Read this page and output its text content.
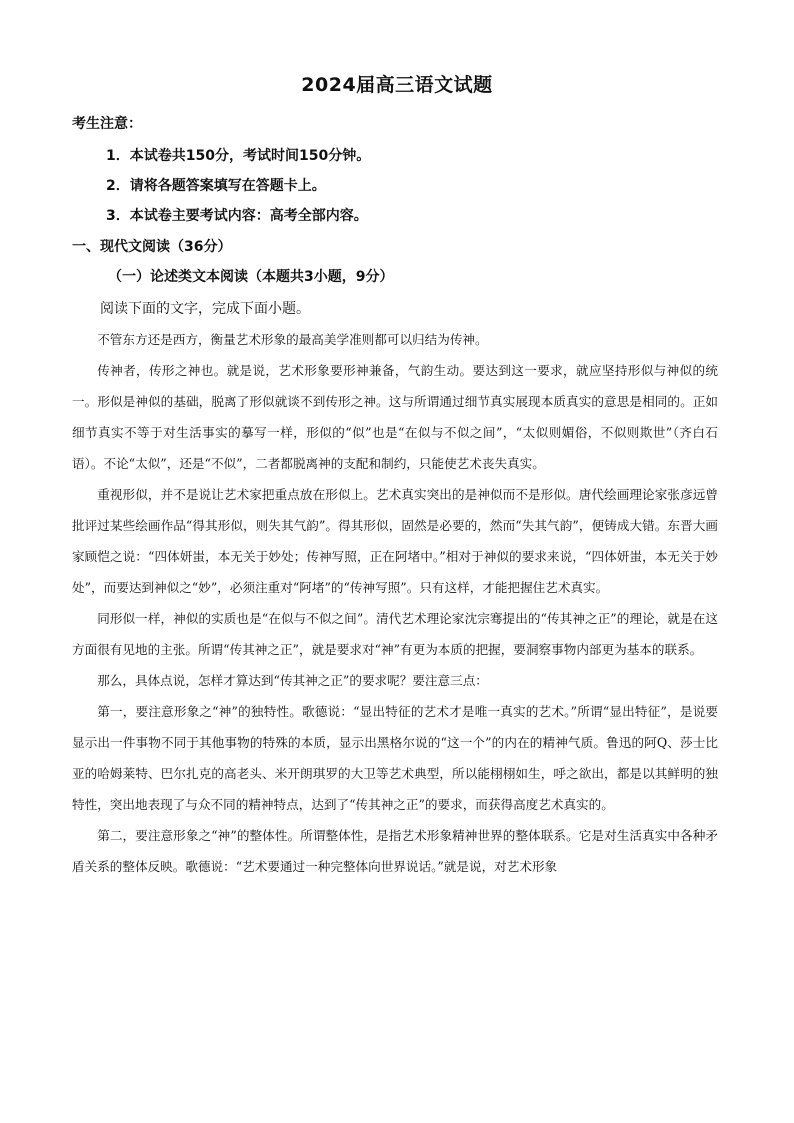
2024届高三语文试题
考生注意：
1．本试卷共150分，考试时间150分钟。
2．请将各题答案填写在答题卡上。
3．本试卷主要考试内容：高考全部内容。
一、现代文阅读（36分）
（一）论述类文本阅读（本题共3小题，9分）
阅读下面的文字，完成下面小题。

不管东方还是西方，衡量艺术形象的最高美学准则都可以归结为传神。

传神者，传形之神也。就是说，艺术形象要形神兼备，气韵生动。要达到这一要求，就应坚持形似与神似的统一。形似是神似的基础，脱离了形似就谈不到传形之神。这与所谓通过细节真实展现本质真实的意思是相同的。正如细节真实不等于对生活事实的摹写一样，形似的“似”也是“在似与不似之间”，“太似则媚俗，不似则欺世”（齐白石语）。不论“太似”，还是“不似”，二者都脱离神的支配和制约，只能使艺术丧失真实。

重视形似，并不是说让艺术家把重点放在形似上。艺术真实突出的是神似而不是形似。唐代绘画理论家张彦远曾批评过某些绘画作品“得其形似，则失其气韵”。得其形似，固然是必要的，然而“失其气韵”，便铸成大错。东晋大画家顾恺之说：“四体妍蚩，本无关于妙处；传神写照，正在阿堵中。”相对于神似的要求来说，“四体妍蚩，本无关于妙处”，而要达到神似之“妙”，必须注重对“阿堵”的“传神写照”。只有这样，才能把握住艺术真实。

同形似一样，神似的实质也是“在似与不似之间”。清代艺术理论家沈宗骞提出的“传其神之正”的理论，就是在这方面很有见地的主张。所谓“传其神之正”，就是要求对“神”有更为本质的把握，要洞察事物内部更为基本的联系。

那么，具体点说，怎样才算达到“传其神之正”的要求呢？要注意三点：

第一，要注意形象之“神”的独特性。歌德说：“显出特征的艺术才是唯一真实的艺术。”所谓“显出特征”，是说要显示出一件事物不同于其他事物的特殊的本质，显示出黑格尔说的“这一个”的内在的精神气质。鲁迅的阿Q、莎士比亚的哈姆莱特、巴尔扎克的高老头、米开朗琪罗的大卫等艺术典型，所以能栩栩如生，呼之欲出，都是以其鲜明的独特性，突出地表现了与众不同的精神特点，达到了“传其神之正”的要求，而获得高度艺术真实的。

第二，要注意形象之“神”的整体性。所谓整体性，是指艺术形象精神世界的整体联系。它是对生活真实中各种矛盾关系的整体反映。歌德说：“艺术要通过一种完整体向世界说话。”就是说，对艺术形象
